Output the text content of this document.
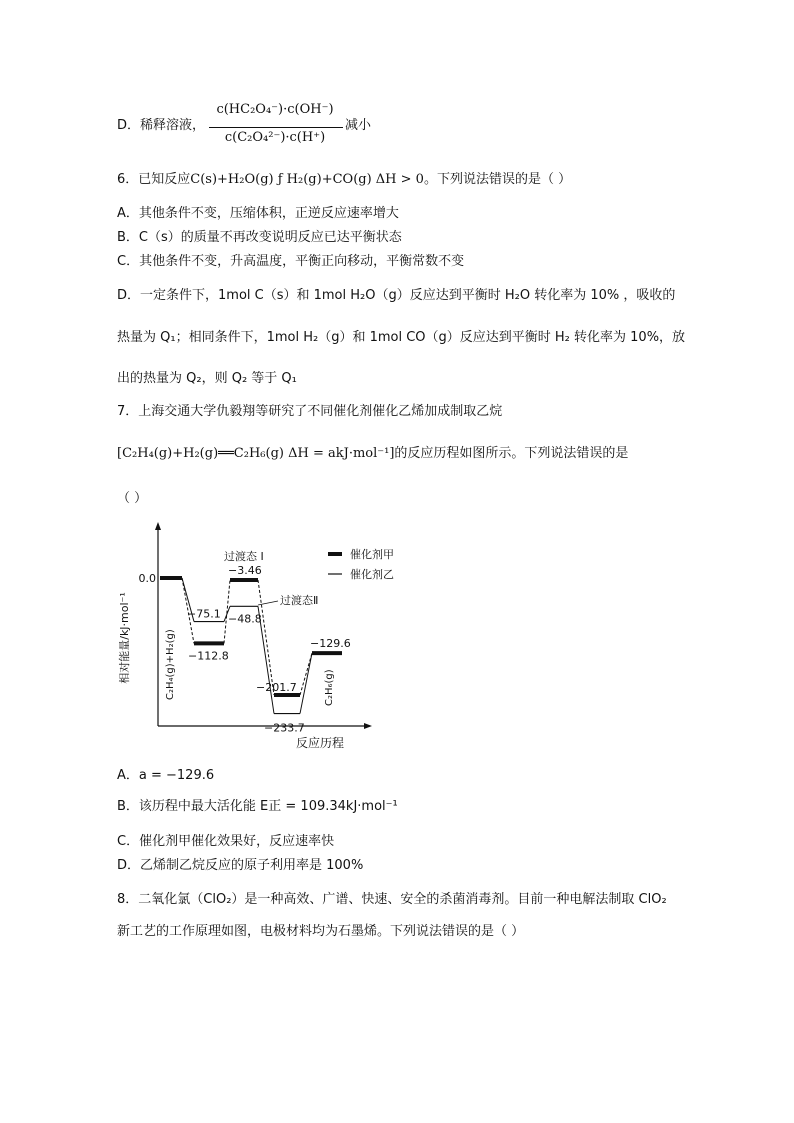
D．稀释溶液，
c(HC₂O₄⁻)·c(OH⁻)
c(C₂O₄²⁻)·c(H⁺)
减小
6．已知反应C(s)+H₂O(g) ƒ H₂(g)+CO(g) ΔH > 0。下列说法错误的是（ ）
A．其他条件不变，压缩体积，正逆反应速率增大
B．C（s）的质量不再改变说明反应已达平衡状态
C．其他条件不变，升高温度，平衡正向移动，平衡常数不变
D．一定条件下，1mol C（s）和 1mol H₂O（g）反应达到平衡时 H₂O 转化率为 10% ，吸收的
热量为 Q₁；相同条件下，1mol H₂（g）和 1mol CO（g）反应达到平衡时 H₂ 转化率为 10%，放
出的热量为 Q₂，则 Q₂ 等于 Q₁
7．上海交通大学仇毅翔等研究了不同催化剂催化乙烯加成制取乙烷
[C₂H₄(g)+H₂(g)══C₂H₆(g) ΔH = akJ·mol⁻¹]的反应历程如图所示。下列说法错误的是
（ ）
相对能量/kJ·mol⁻¹
反应历程
0.0
催化剂甲
催化剂乙
过渡态 I
过渡态Ⅱ
C₂H₄(g)+H₂(g)	C₂H₆(g)
−75.1
−112.8
−3.46
−48.8
−201.7
−233.7
−129.6
A．a = −129.6
B．该历程中最大活化能 E正 = 109.34kJ·mol⁻¹
C．催化剂甲催化效果好，反应速率快
D．乙烯制乙烷反应的原子利用率是 100%
8．二氧化氯（ClO₂）是一种高效、广谱、快速、安全的杀菌消毒剂。目前一种电解法制取 ClO₂
新工艺的工作原理如图，电极材料均为石墨烯。下列说法错误的是（ ）
